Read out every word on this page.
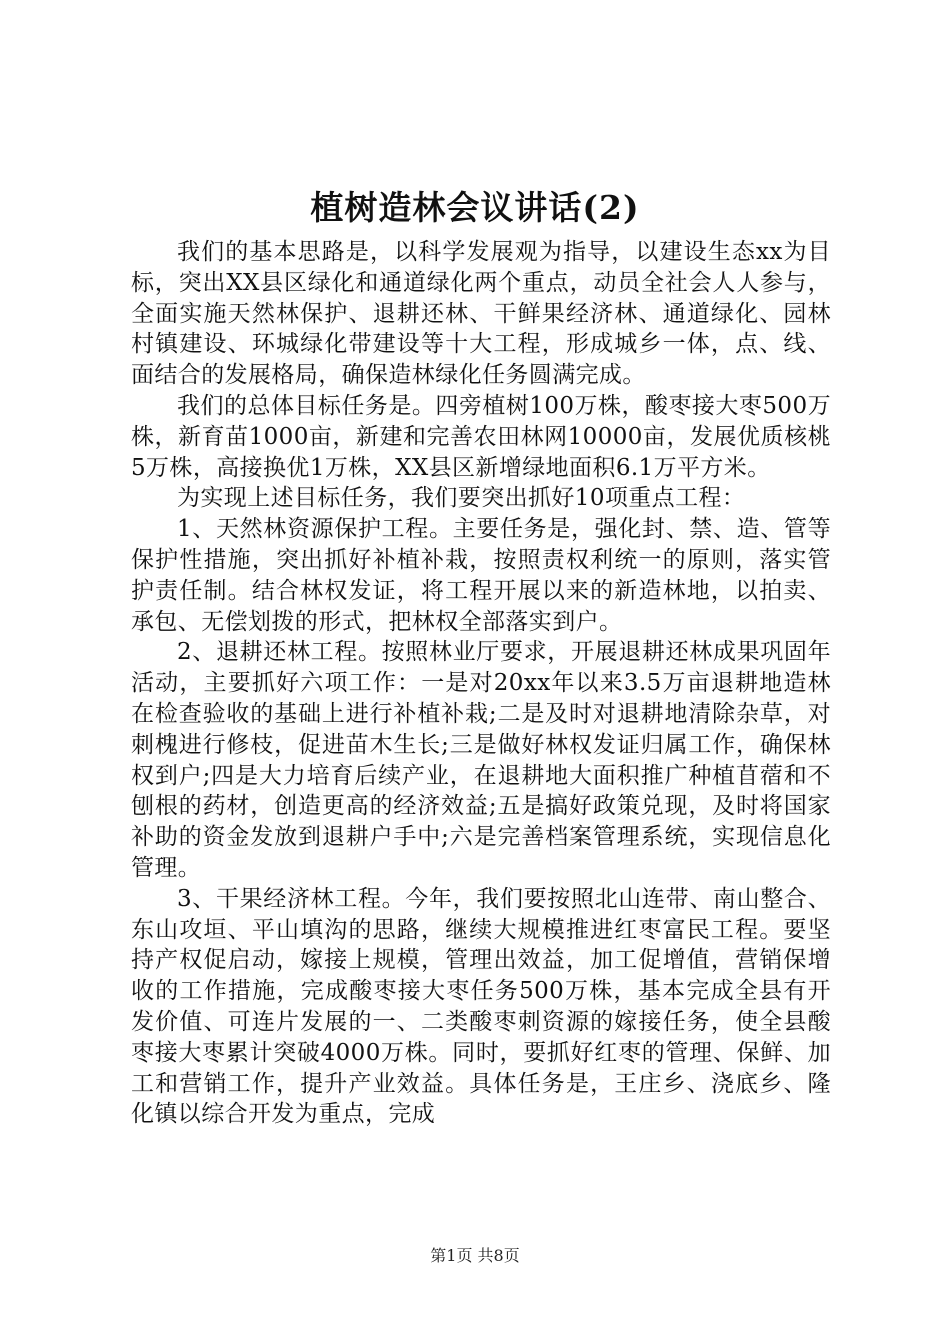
植树造林会议讲话(2)

我们的基本思路是，以科学发展观为指导，以建设生态xx为目标，突出XX县区绿化和通道绿化两个重点，动员全社会人人参与，全面实施天然林保护、退耕还林、干鲜果经济林、通道绿化、园林村镇建设、环城绿化带建设等十大工程，形成城乡一体，点、线、面结合的发展格局，确保造林绿化任务圆满完成。

我们的总体目标任务是。四旁植树100万株，酸枣接大枣500万株，新育苗1000亩，新建和完善农田林网10000亩，发展优质核桃5万株，高接换优1万株，XX县区新增绿地面积6.1万平方米。

为实现上述目标任务，我们要突出抓好10项重点工程：

1、天然林资源保护工程。主要任务是，强化封、禁、造、管等保护性措施，突出抓好补植补栽，按照责权利统一的原则，落实管护责任制。结合林权发证，将工程开展以来的新造林地，以拍卖、承包、无偿划拨的形式，把林权全部落实到户。

2、退耕还林工程。按照林业厅要求，开展退耕还林成果巩固年活动，主要抓好六项工作：一是对20xx年以来3.5万亩退耕地造林在检查验收的基础上进行补植补栽;二是及时对退耕地清除杂草，对刺槐进行修枝，促进苗木生长;三是做好林权发证归属工作，确保林权到户;四是大力培育后续产业，在退耕地大面积推广种植苜蓿和不刨根的药材，创造更高的经济效益;五是搞好政策兑现，及时将国家补助的资金发放到退耕户手中;六是完善档案管理系统，实现信息化管理。

3、干果经济林工程。今年，我们要按照北山连带、南山整合、东山攻垣、平山填沟的思路，继续大规模推进红枣富民工程。要坚持产权促启动，嫁接上规模，管理出效益，加工促增值，营销保增收的工作措施，完成酸枣接大枣任务500万株，基本完成全县有开发价值、可连片发展的一、二类酸枣刺资源的嫁接任务，使全县酸枣接大枣累计突破4000万株。同时，要抓好红枣的管理、保鲜、加工和营销工作，提升产业效益。具体任务是，王庄乡、浇底乡、隆化镇以综合开发为重点，完成

第1页 共8页
